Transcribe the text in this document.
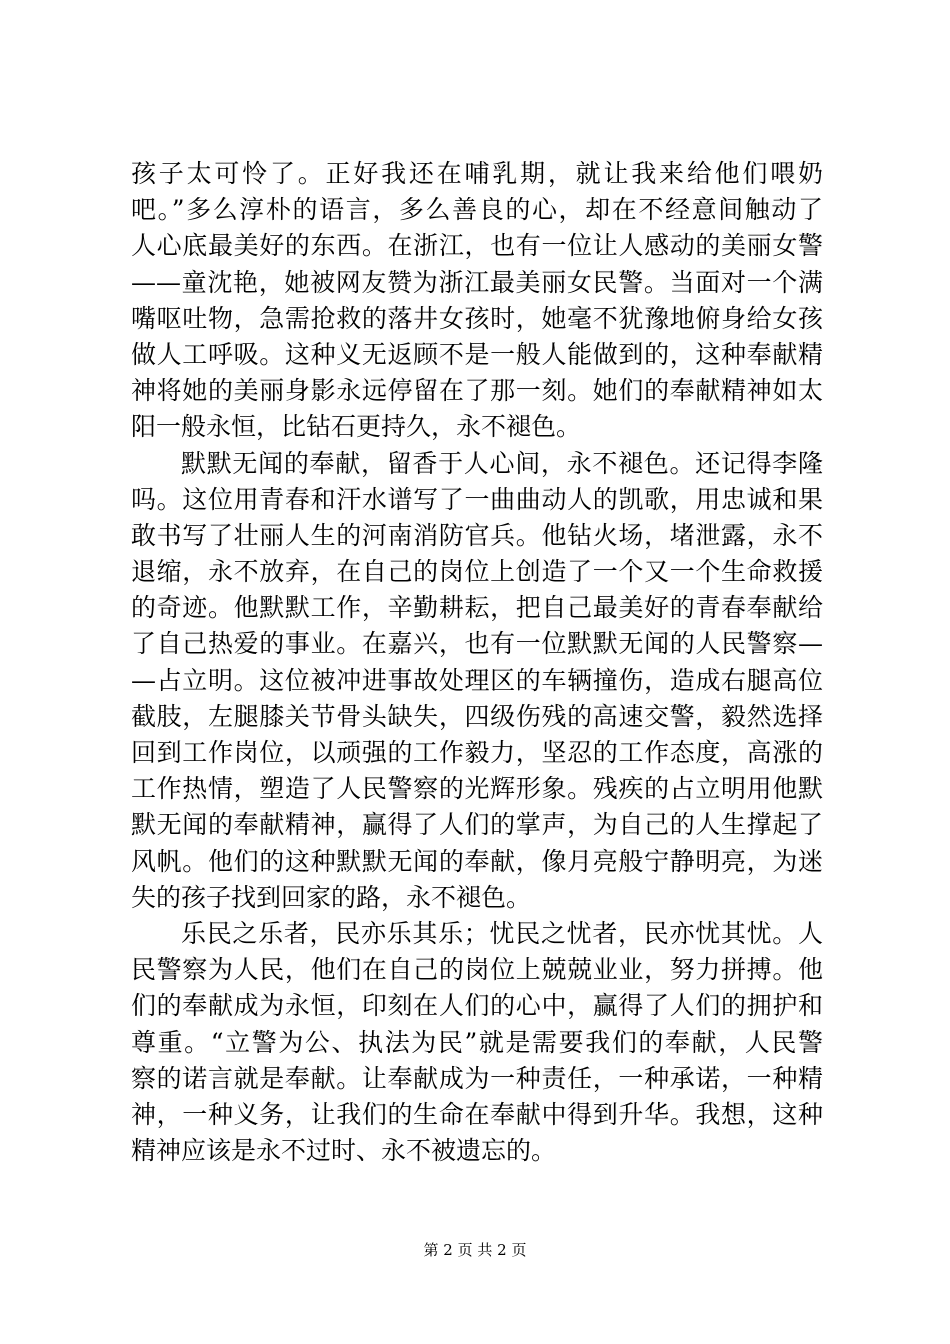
孩子太可怜了。正好我还在哺乳期，就让我来给他们喂奶
吧。”多么淳朴的语言，多么善良的心，却在不经意间触动了
人心底最美好的东西。在浙江，也有一位让人感动的美丽女警
——童沈艳，她被网友赞为浙江最美丽女民警。当面对一个满
嘴呕吐物，急需抢救的落井女孩时，她毫不犹豫地俯身给女孩
做人工呼吸。这种义无返顾不是一般人能做到的，这种奉献精
神将她的美丽身影永远停留在了那一刻。她们的奉献精神如太
阳一般永恒，比钻石更持久，永不褪色。
默默无闻的奉献，留香于人心间，永不褪色。还记得李隆
吗。这位用青春和汗水谱写了一曲曲动人的凯歌，用忠诚和果
敢书写了壮丽人生的河南消防官兵。他钻火场，堵泄露，永不
退缩，永不放弃，在自己的岗位上创造了一个又一个生命救援
的奇迹。他默默工作，辛勤耕耘，把自己最美好的青春奉献给
了自己热爱的事业。在嘉兴，也有一位默默无闻的人民警察—
—占立明。这位被冲进事故处理区的车辆撞伤，造成右腿高位
截肢，左腿膝关节骨头缺失，四级伤残的高速交警，毅然选择
回到工作岗位，以顽强的工作毅力，坚忍的工作态度，高涨的
工作热情，塑造了人民警察的光辉形象。残疾的占立明用他默
默无闻的奉献精神，赢得了人们的掌声，为自己的人生撑起了
风帆。他们的这种默默无闻的奉献，像月亮般宁静明亮，为迷
失的孩子找到回家的路，永不褪色。
乐民之乐者，民亦乐其乐；忧民之忧者，民亦忧其忧。人
民警察为人民，他们在自己的岗位上兢兢业业，努力拼搏。他
们的奉献成为永恒，印刻在人们的心中，赢得了人们的拥护和
尊重。“立警为公、执法为民”就是需要我们的奉献，人民警
察的诺言就是奉献。让奉献成为一种责任，一种承诺，一种精
神，一种义务，让我们的生命在奉献中得到升华。我想，这种
精神应该是永不过时、永不被遗忘的。
第 2 页 共 2 页
